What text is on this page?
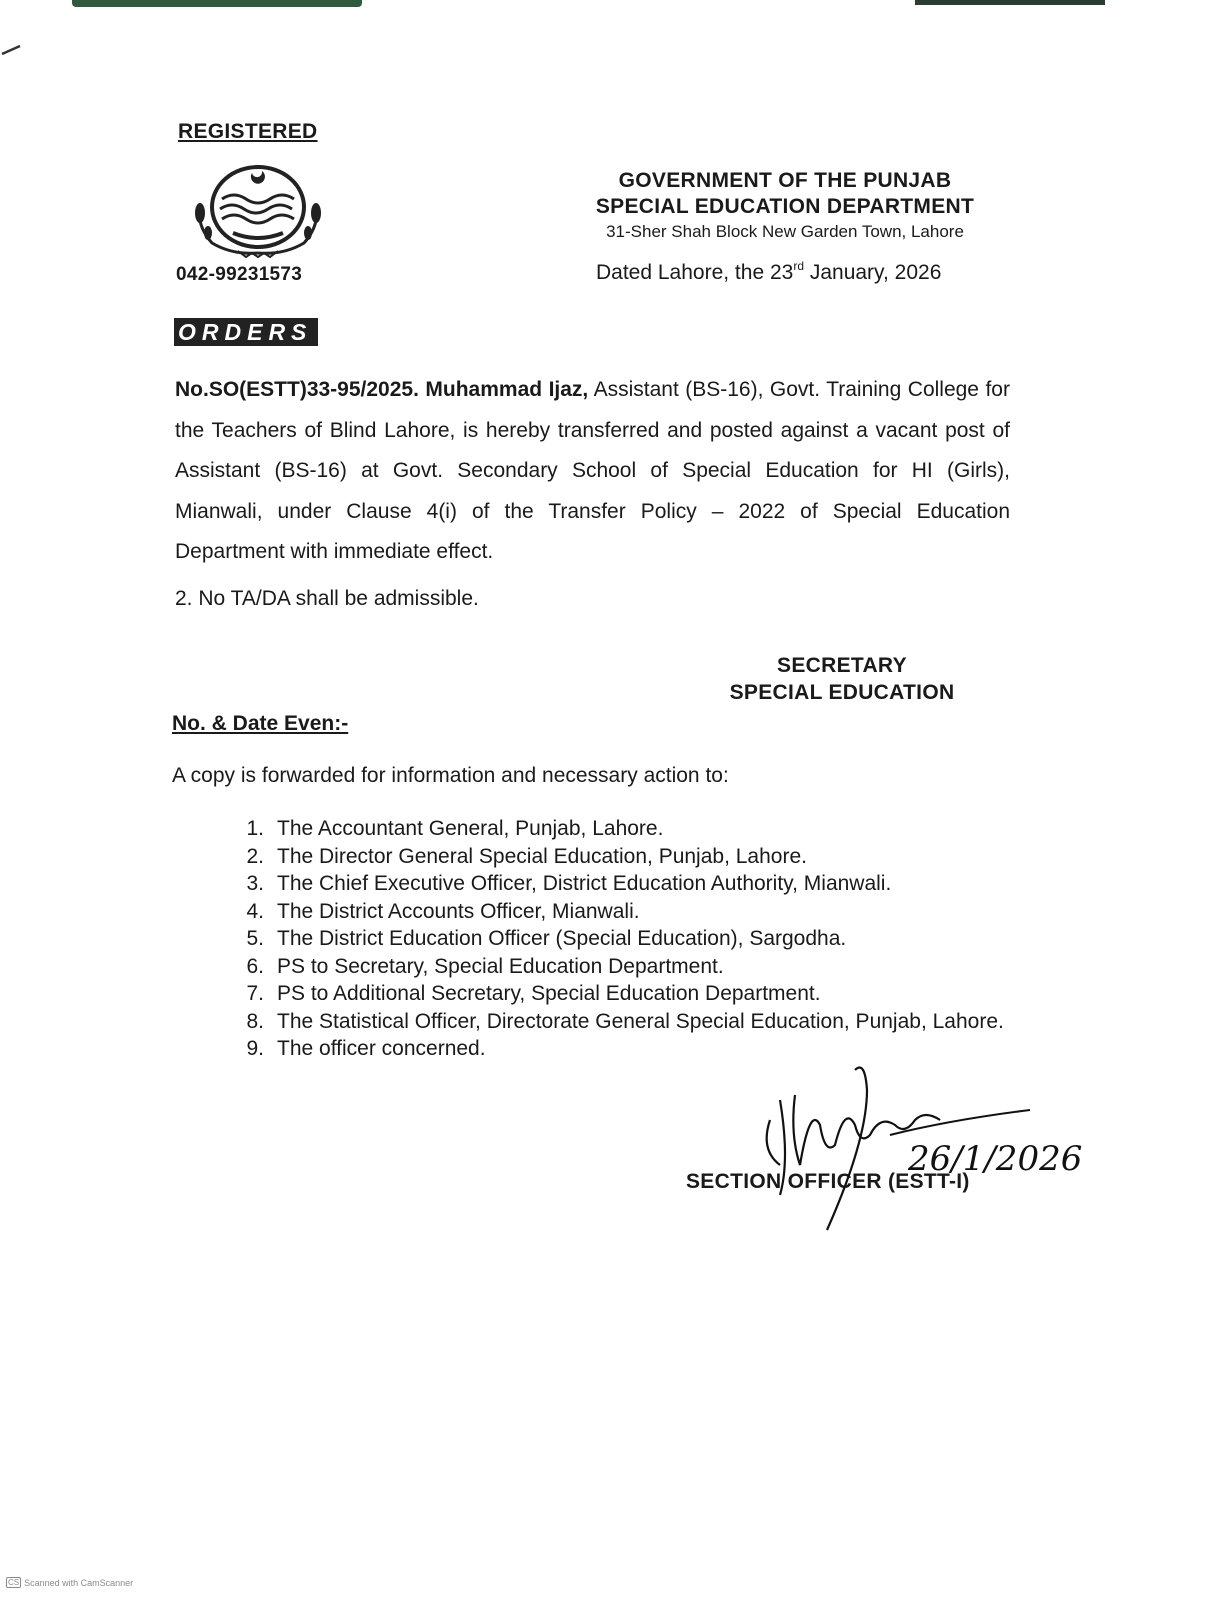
REGISTERED
042-99231573
GOVERNMENT OF THE PUNJAB
SPECIAL EDUCATION DEPARTMENT
31-Sher Shah Block New Garden Town, Lahore
Dated Lahore, the 23rd January, 2026
ORDERS
No.SO(ESTT)33-95/2025. Muhammad Ijaz, Assistant (BS-16), Govt. Training College for the Teachers of Blind Lahore, is hereby transferred and posted against a vacant post of Assistant (BS-16) at Govt. Secondary School of Special Education for HI (Girls), Mianwali, under Clause 4(i) of the Transfer Policy – 2022 of Special Education Department with immediate effect.
2. No TA/DA shall be admissible.
SECRETARY
SPECIAL EDUCATION
No. & Date Even:-
A copy is forwarded for information and necessary action to:
1. The Accountant General, Punjab, Lahore.
2. The Director General Special Education, Punjab, Lahore.
3. The Chief Executive Officer, District Education Authority, Mianwali.
4. The District Accounts Officer, Mianwali.
5. The District Education Officer (Special Education), Sargodha.
6. PS to Secretary, Special Education Department.
7. PS to Additional Secretary, Special Education Department.
8. The Statistical Officer, Directorate General Special Education, Punjab, Lahore.
9. The officer concerned.
SECTION OFFICER (ESTT-I)
26/1/2026
CS Scanned with CamScanner
